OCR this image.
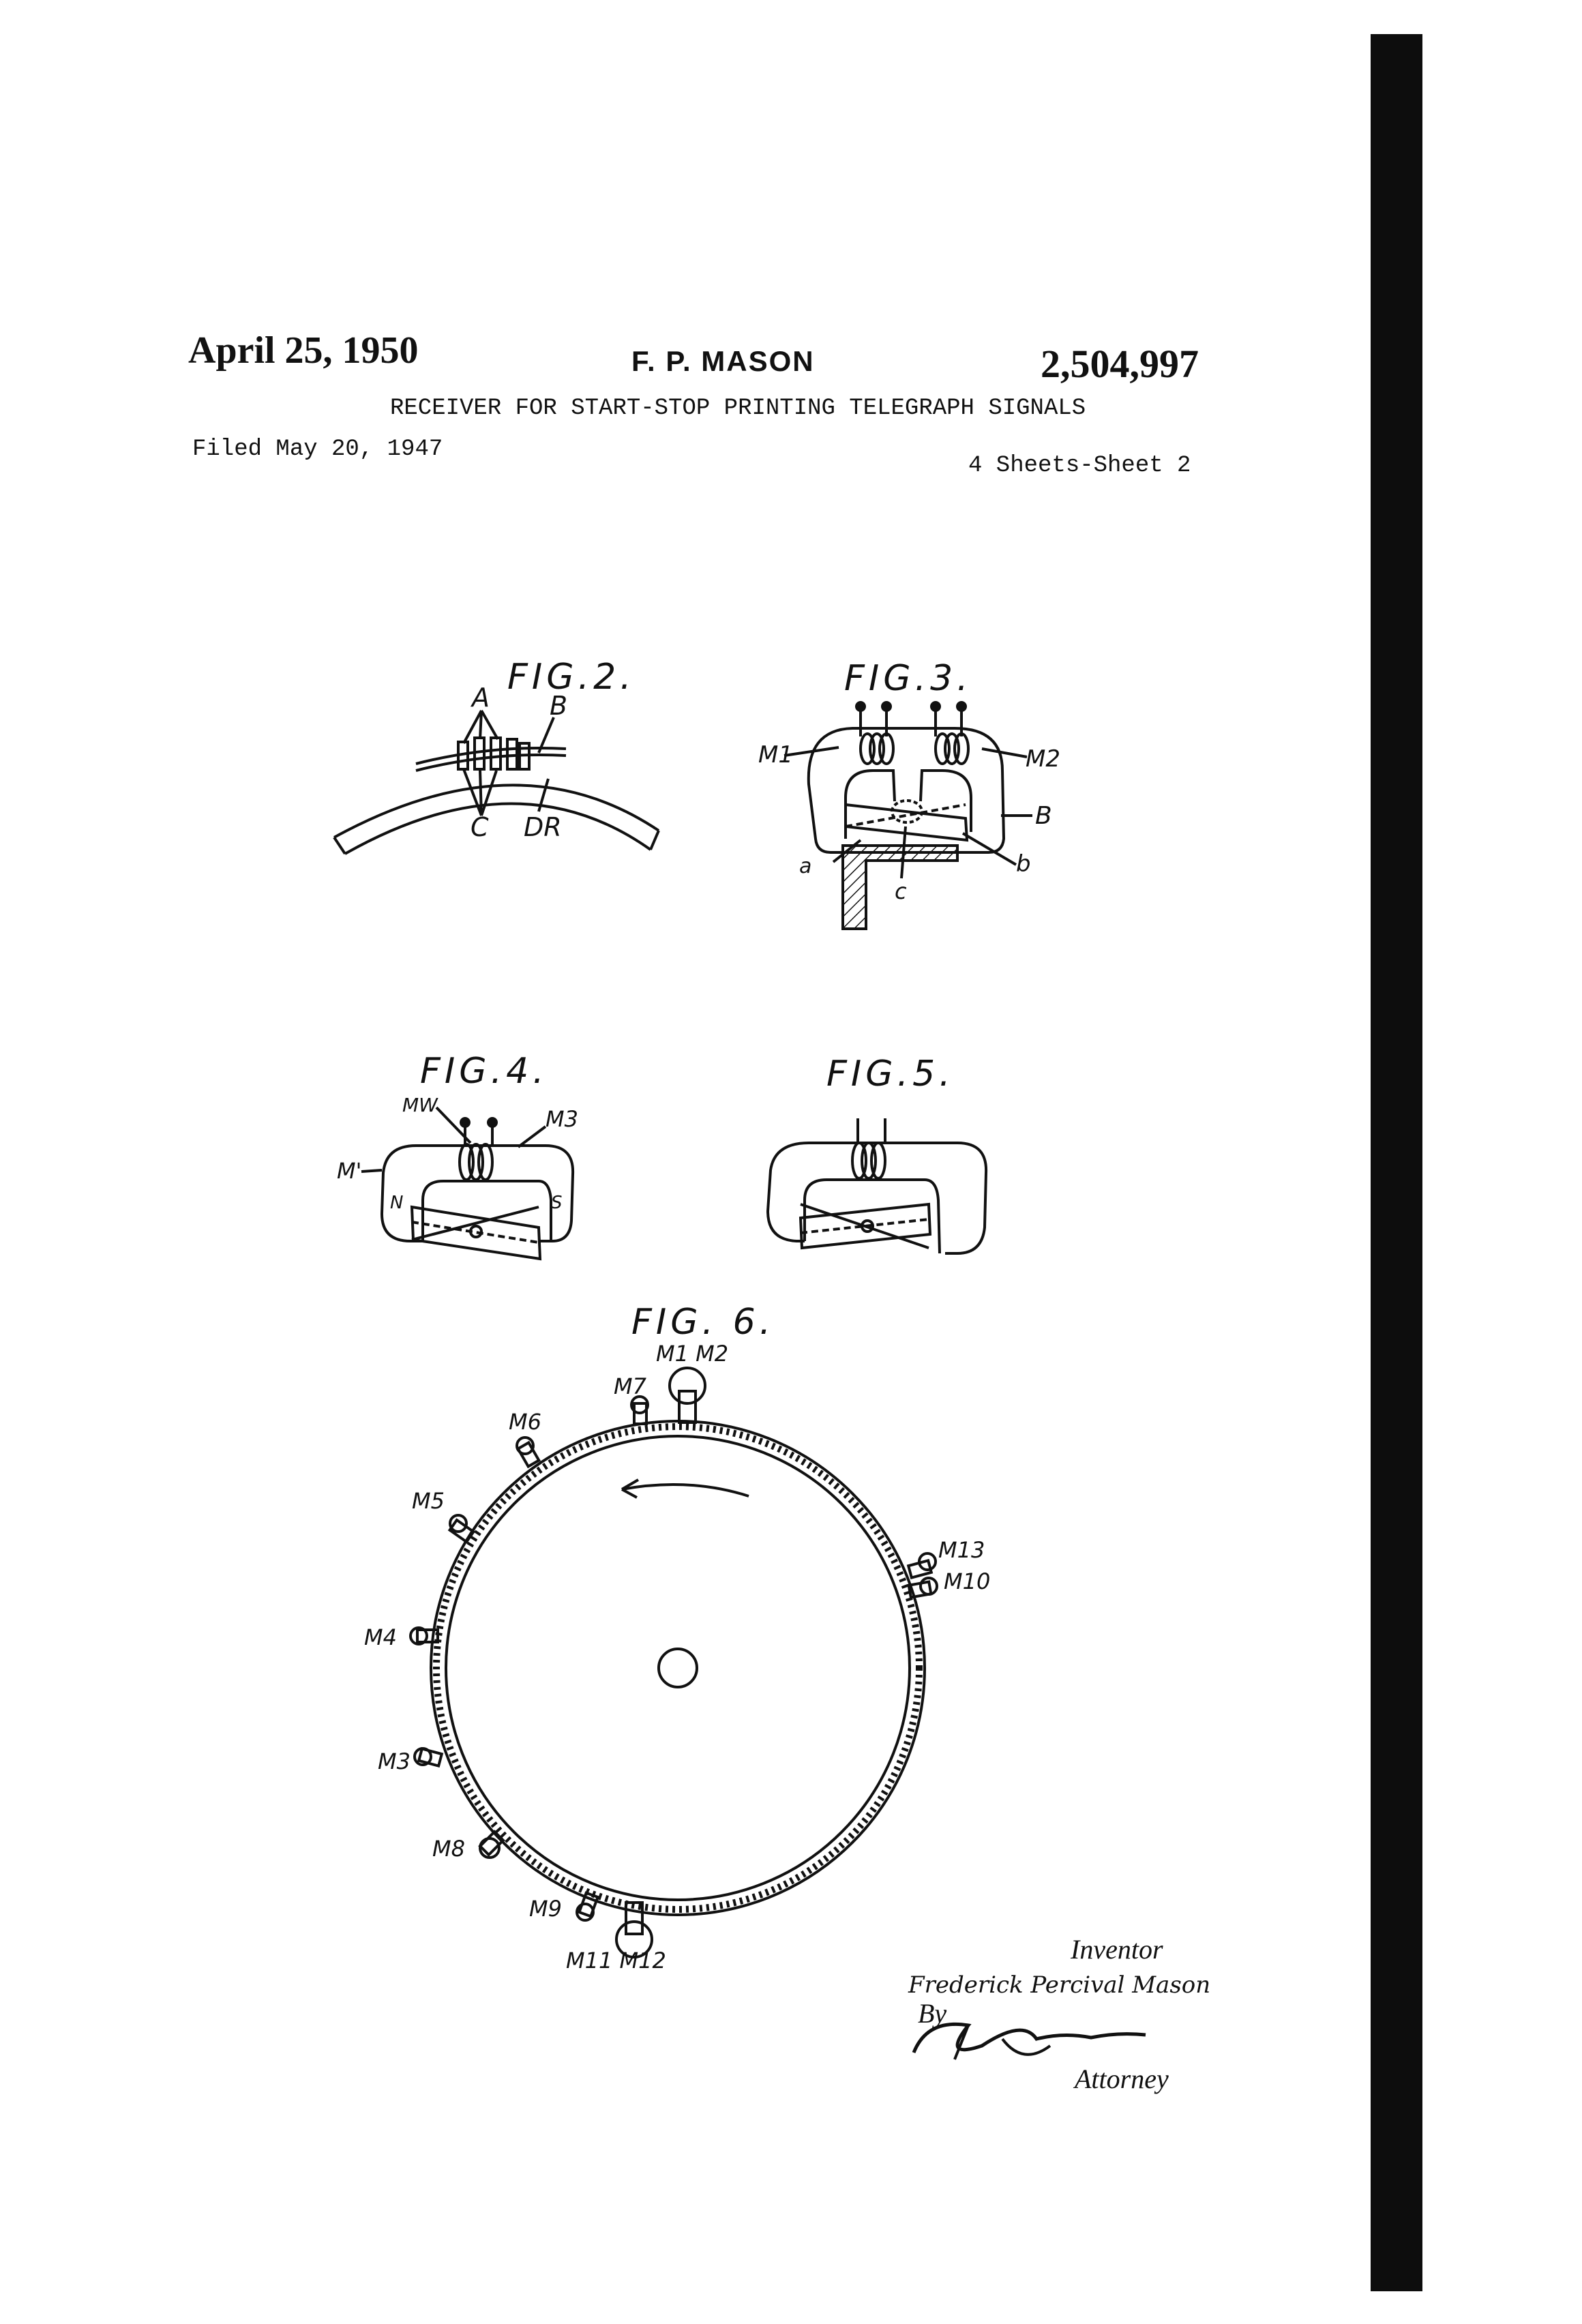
April 25, 1950	F. P. MASON	2,504,997
RECEIVER FOR START-STOP PRINTING TELEGRAPH SIGNALS
Filed May 20, 1947
4 Sheets-Sheet 2
FIG.2.
A B
C DR
FIG.3.
M1	M2
B
a	b
c
FIG.4.
MW
M3
M'
N	S
FIG.5.
FIG. 6.
M1 M2
M7
M6
M5
M4
M3
M8
M9
M11 M12
M13
M10
Inventor
Frederick Percival Mason
By
Attorney
